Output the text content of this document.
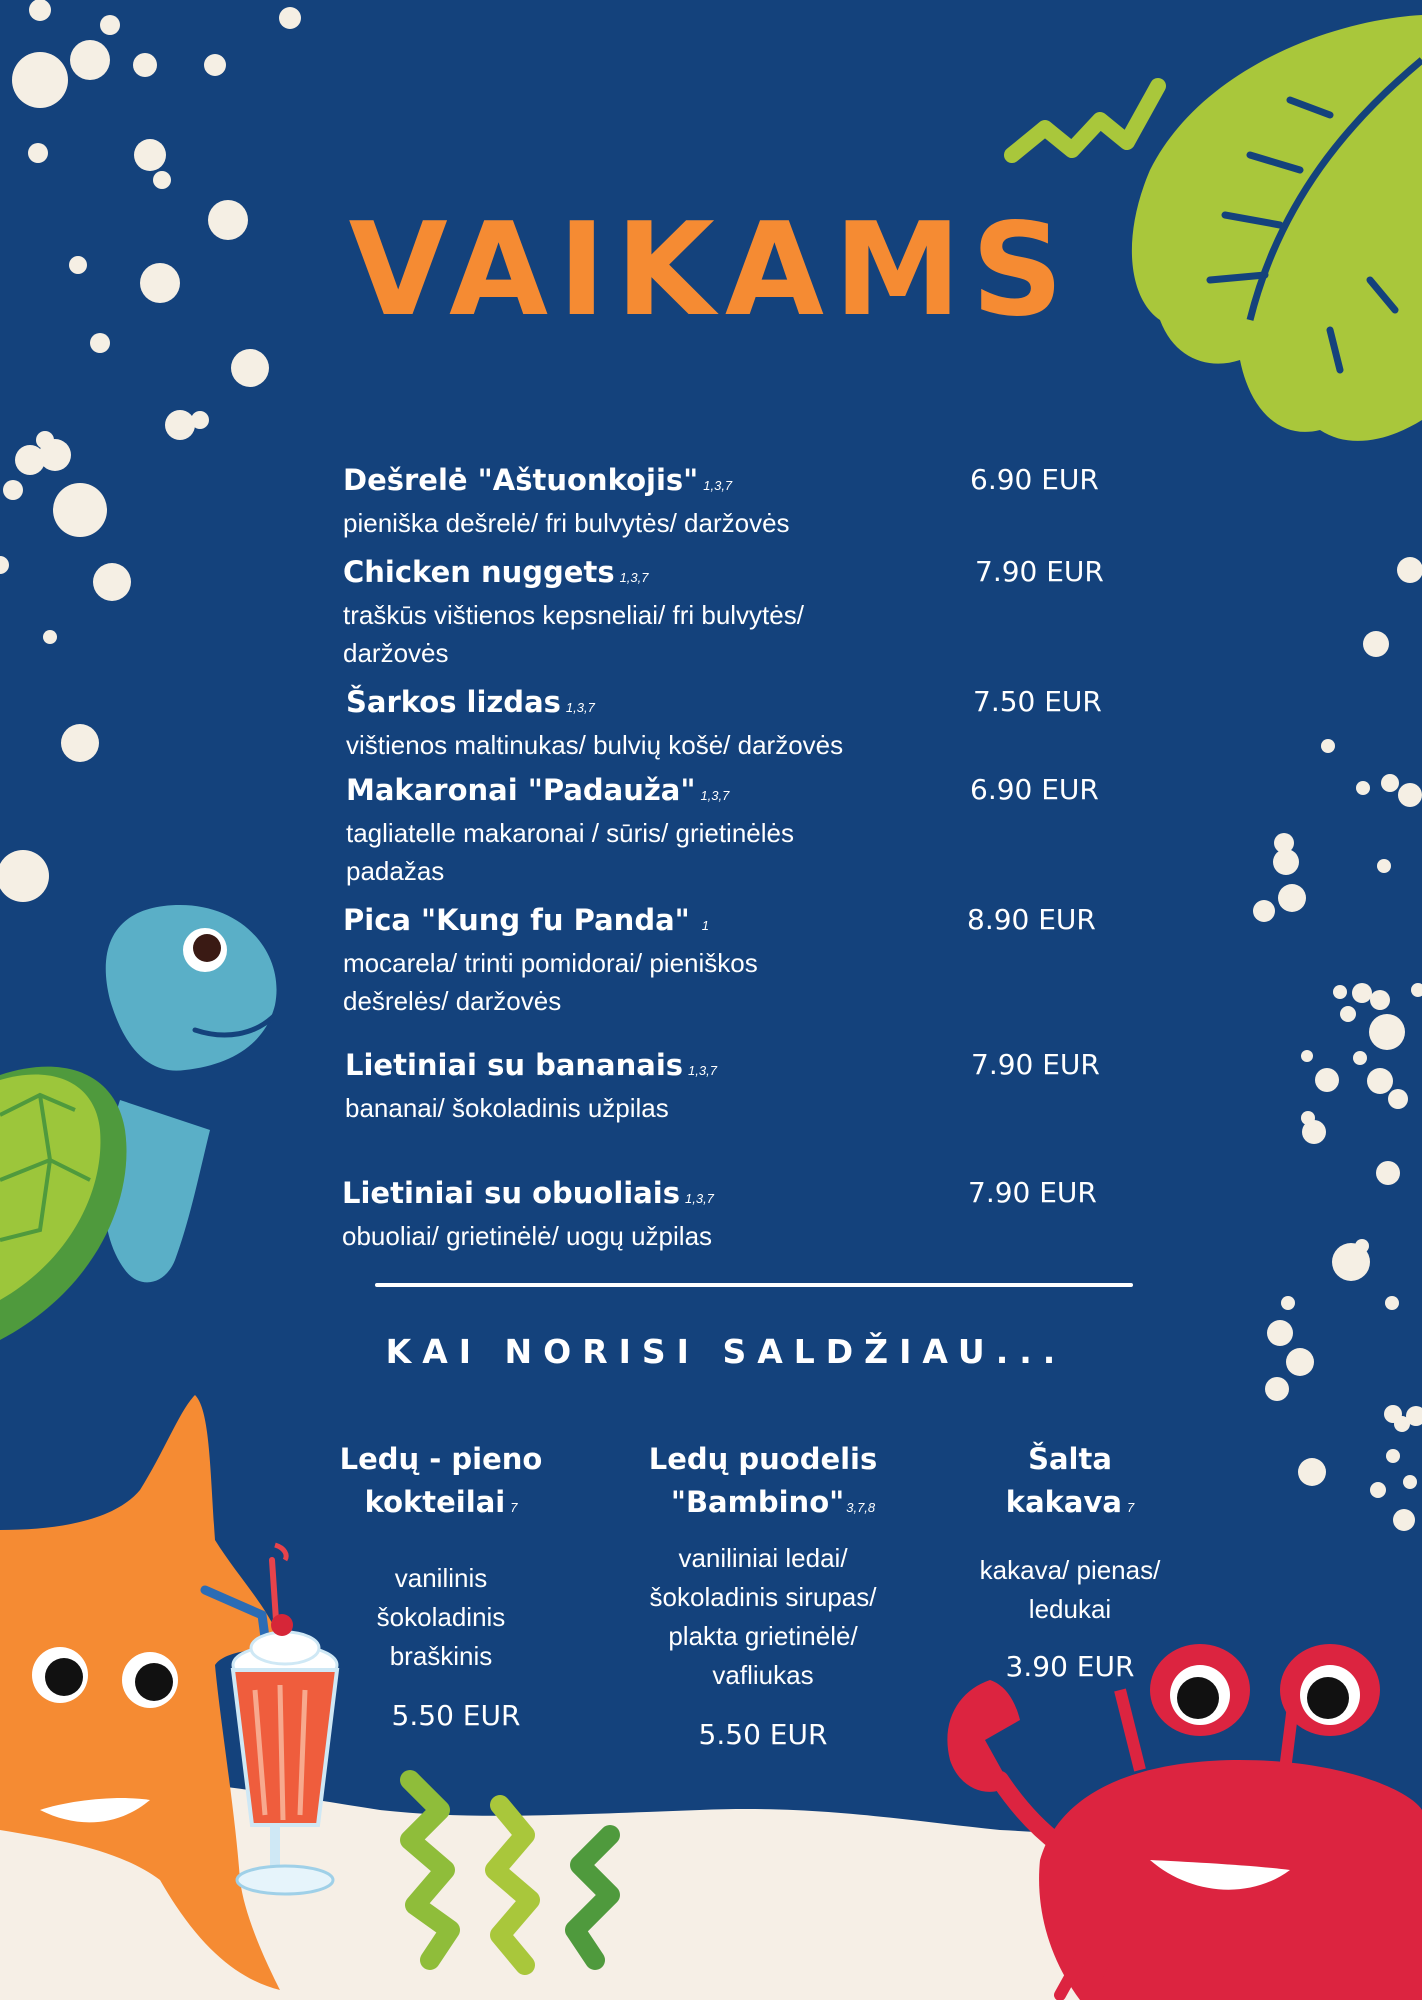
VAIKAMS
Dešrelė "Aštuonkojis" 1,3,7
pieniška dešrelė/ fri bulvytės/ daržovės
6.90 EUR
Chicken nuggets 1,3,7
traškūs vištienos kepsneliai/ fri bulvytės/ daržovės
7.90 EUR
Šarkos lizdas 1,3,7
vištienos maltinukas/ bulvių košė/ daržovės
7.50 EUR
Makaronai "Padauža" 1,3,7
tagliatelle makaronai / sūris/ grietinėlės padažas
6.90 EUR
Pica "Kung fu Panda" 1
mocarela/ trinti pomidorai/ pieniškos dešrelės/ daržovės
8.90 EUR
Lietiniai su bananais 1,3,7
bananai/ šokoladinis užpilas
7.90 EUR
Lietiniai su obuoliais 1,3,7
obuoliai/ grietinėlė/ uogų užpilas
7.90 EUR
KAI NORISI SALDŽIAU...
Ledų - pieno
kokteilai 7
vanilinis
šokoladinis
braškinis
5.50 EUR
Ledų puodelis
"Bambino" 3,7,8
vaniliniai ledai/
šokoladinis sirupas/
plakta grietinėlė/
vafliukas
5.50 EUR
Šalta
kakava 7
kakava/ pienas/
ledukai
3.90 EUR
